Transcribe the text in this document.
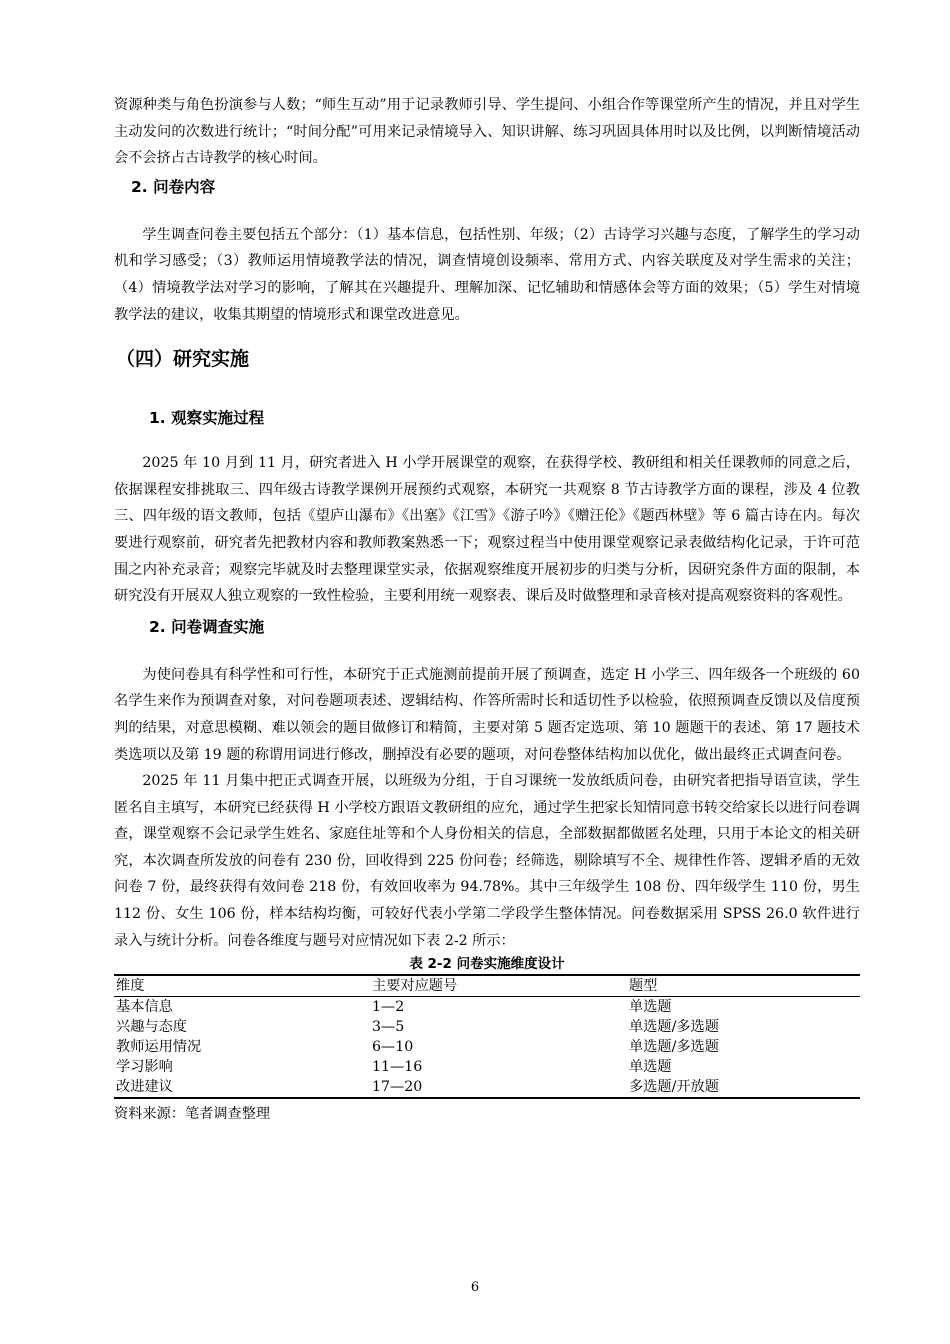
资源种类与角色扮演参与人数；“师生互动”用于记录教师引导、学生提问、小组合作等课堂所产生的情况，并且对学生主动发问的次数进行统计；“时间分配”可用来记录情境导入、知识讲解、练习巩固具体用时以及比例，以判断情境活动会不会挤占古诗教学的核心时间。

2. 问卷内容

学生调查问卷主要包括五个部分：（1）基本信息，包括性别、年级；（2）古诗学习兴趣与态度，了解学生的学习动机和学习感受；（3）教师运用情境教学法的情况，调查情境创设频率、常用方式、内容关联度及对学生需求的关注；（4）情境教学法对学习的影响，了解其在兴趣提升、理解加深、记忆辅助和情感体会等方面的效果；（5）学生对情境教学法的建议，收集其期望的情境形式和课堂改进意见。

（四）研究实施
1. 观察实施过程

2025 年 10 月到 11 月，研究者进入 H 小学开展课堂的观察，在获得学校、教研组和相关任课教师的同意之后，依据课程安排挑取三、四年级古诗教学课例开展预约式观察，本研究一共观察 8 节古诗教学方面的课程，涉及 4 位教三、四年级的语文教师，包括《望庐山瀑布》《出塞》《江雪》《游子吟》《赠汪伦》《题西林壁》等 6 篇古诗在内。每次要进行观察前，研究者先把教材内容和教师教案熟悉一下；观察过程当中使用课堂观察记录表做结构化记录，于许可范围之内补充录音；观察完毕就及时去整理课堂实录，依据观察维度开展初步的归类与分析，因研究条件方面的限制，本研究没有开展双人独立观察的一致性检验，主要利用统一观察表、课后及时做整理和录音核对提高观察资料的客观性。

2. 问卷调查实施

为使问卷具有科学性和可行性，本研究于正式施测前提前开展了预调查，选定 H 小学三、四年级各一个班级的 60 名学生来作为预调查对象，对问卷题项表述、逻辑结构、作答所需时长和适切性予以检验，依照预调查反馈以及信度预判的结果，对意思模糊、难以领会的题目做修订和精简，主要对第 5 题否定选项、第 10 题题干的表述、第 17 题技术类选项以及第 19 题的称谓用词进行修改，删掉没有必要的题项，对问卷整体结构加以优化，做出最终正式调查问卷。

2025 年 11 月集中把正式调查开展，以班级为分组，于自习课统一发放纸质问卷，由研究者把指导语宣读，学生匿名自主填写，本研究已经获得 H 小学校方跟语文教研组的应允，通过学生把家长知情同意书转交给家长以进行问卷调查，课堂观察不会记录学生姓名、家庭住址等和个人身份相关的信息，全部数据都做匿名处理，只用于本论文的相关研究，本次调查所发放的问卷有 230 份，回收得到 225 份问卷；经筛选，剔除填写不全、规律性作答、逻辑矛盾的无效问卷 7 份，最终获得有效问卷 218 份，有效回收率为 94.78%。其中三年级学生 108 份、四年级学生 110 份，男生 112 份、女生 106 份，样本结构均衡，可较好代表小学第二学段学生整体情况。问卷数据采用 SPSS 26.0 软件进行录入与统计分析。问卷各维度与题号对应情况如下表 2-2 所示：

表 2-2 问卷实施维度设计

维度	主要对应题号	题型
基本信息	1—2	单选题
兴趣与态度	3—5	单选题/多选题
教师运用情况	6—10	单选题/多选题
学习影响	11—16	单选题
改进建议	17—20	多选题/开放题
资料来源：笔者调查整理
6
